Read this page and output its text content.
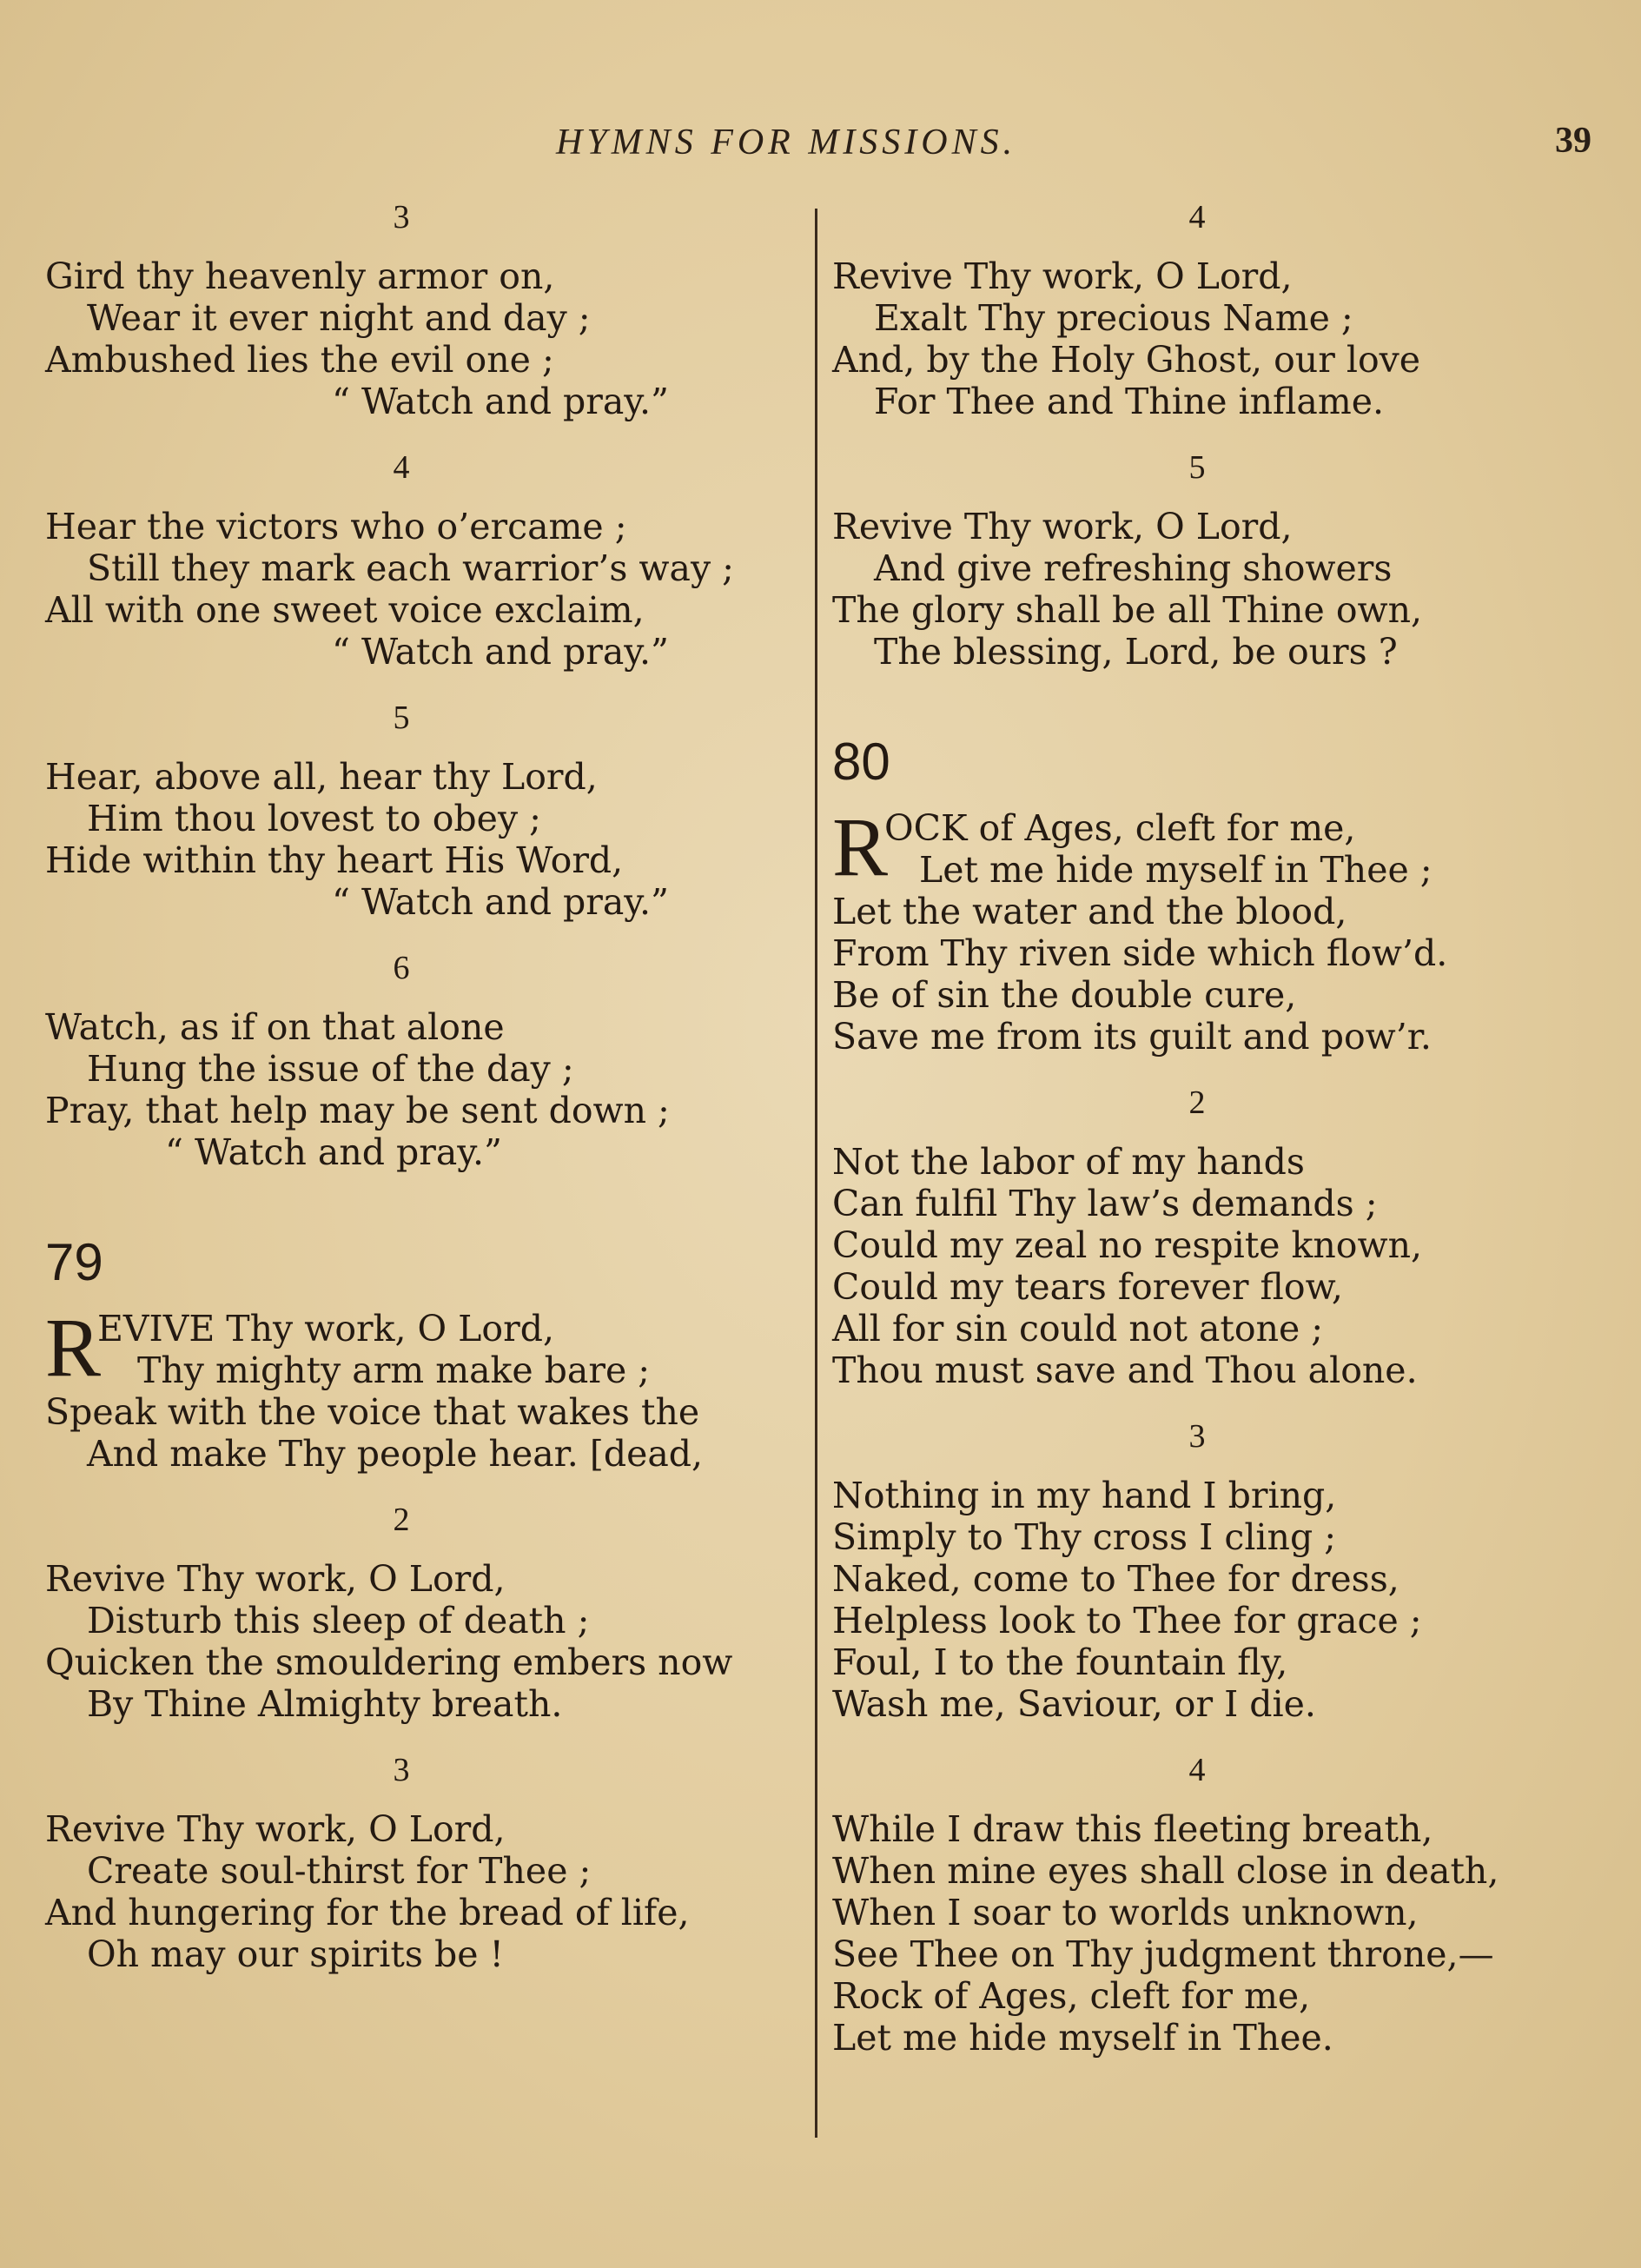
HYMNS FOR MISSIONS.	39
3
Gird thy heavenly armor on,
Wear it ever night and day ;
Ambushed lies the evil one ;
“ Watch and pray.”
4
Hear the victors who o’ercame ;
Still they mark each warrior’s way ;
All with one sweet voice exclaim,
“ Watch and pray.”
5
Hear, above all, hear thy Lord,
Him thou lovest to obey ;
Hide within thy heart His Word,
“ Watch and pray.”
6
Watch, as if on that alone
Hung the issue of the day ;
Pray, that help may be sent down ;
“ Watch and pray.”
79
R
EVIVE Thy work, O Lord,
Thy mighty arm make bare ;
Speak with the voice that wakes the
And make Thy people hear. [dead,
2
Revive Thy work, O Lord,
Disturb this sleep of death ;
Quicken the smouldering embers now
By Thine Almighty breath.
3
Revive Thy work, O Lord,
Create soul-thirst for Thee ;
And hungering for the bread of life,
Oh may our spirits be !
4
Revive Thy work, O Lord,
Exalt Thy precious Name ;
And, by the Holy Ghost, our love
For Thee and Thine inflame.
5
Revive Thy work, O Lord,
And give refreshing showers
The glory shall be all Thine own,
The blessing, Lord, be ours ?
80
R
OCK of Ages, cleft for me,
Let me hide myself in Thee ;
Let the water and the blood,
From Thy riven side which flow’d.
Be of sin the double cure,
Save me from its guilt and pow’r.
2
Not the labor of my hands
Can fulfil Thy law’s demands ;
Could my zeal no respite known,
Could my tears forever flow,
All for sin could not atone ;
Thou must save and Thou alone.
3
Nothing in my hand I bring,
Simply to Thy cross I cling ;
Naked, come to Thee for dress,
Helpless look to Thee for grace ;
Foul, I to the fountain fly,
Wash me, Saviour, or I die.
4
While I draw this fleeting breath,
When mine eyes shall close in death,
When I soar to worlds unknown,
See Thee on Thy judgment throne,—
Rock of Ages, cleft for me,
Let me hide myself in Thee.
